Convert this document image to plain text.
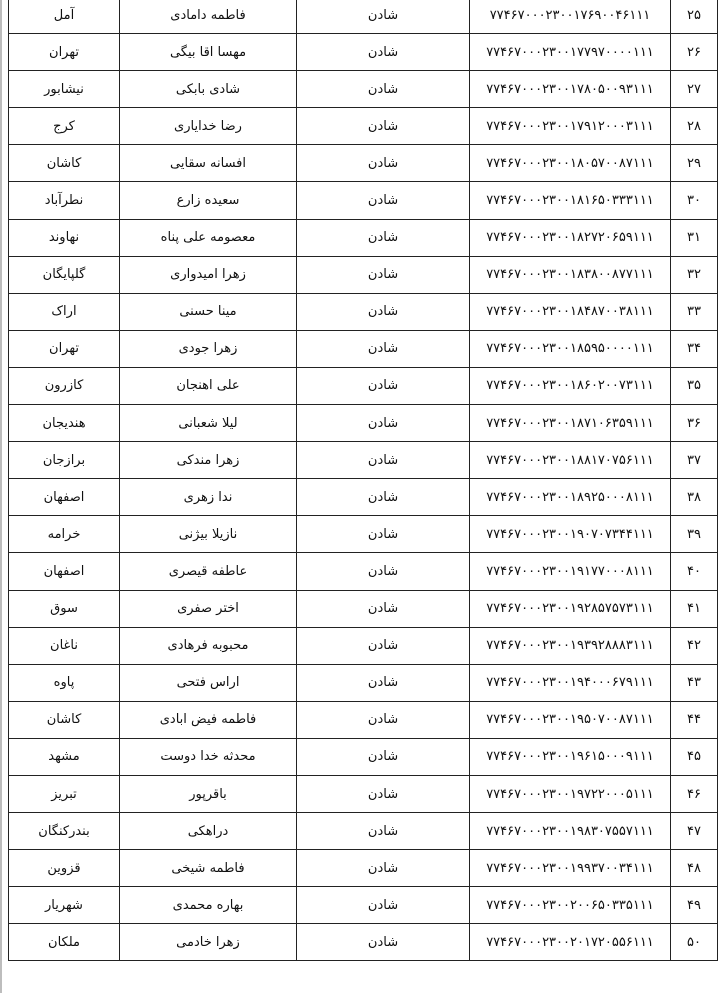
۲۵	۷۷۴۶۷۰۰۰۲۳۰۰۱۷۶۹۰۰۴۶۱۱۱	شادن	فاطمه دامادی	آمل
۲۶	۷۷۴۶۷۰۰۰۲۳۰۰۱۷۷۹۷۰۰۰۰۱۱۱	شادن	مهسا اقا بیگی	تهران
۲۷	۷۷۴۶۷۰۰۰۲۳۰۰۱۷۸۰۵۰۰۹۳۱۱۱	شادن	شادی بابکی	نیشابور
۲۸	۷۷۴۶۷۰۰۰۲۳۰۰۱۷۹۱۲۰۰۰۳۱۱۱	شادن	رضا خدایاری	کرج
۲۹	۷۷۴۶۷۰۰۰۲۳۰۰۱۸۰۵۷۰۰۸۷۱۱۱	شادن	افسانه سقایی	کاشان
۳۰	۷۷۴۶۷۰۰۰۲۳۰۰۱۸۱۶۵۰۳۳۳۱۱۱	شادن	سعیده زارع	نطرآباد
۳۱	۷۷۴۶۷۰۰۰۲۳۰۰۱۸۲۷۲۰۶۵۹۱۱۱	شادن	معصومه علی پناه	نهاوند
۳۲	۷۷۴۶۷۰۰۰۲۳۰۰۱۸۳۸۰۰۸۷۷۱۱۱	شادن	زهرا امیدواری	گلپایگان
۳۳	۷۷۴۶۷۰۰۰۲۳۰۰۱۸۴۸۷۰۰۳۸۱۱۱	شادن	مینا حسنی	اراک
۳۴	۷۷۴۶۷۰۰۰۲۳۰۰۱۸۵۹۵۰۰۰۰۱۱۱	شادن	زهرا جودی	تهران
۳۵	۷۷۴۶۷۰۰۰۲۳۰۰۱۸۶۰۲۰۰۷۳۱۱۱	شادن	علی اهنجان	کازرون
۳۶	۷۷۴۶۷۰۰۰۲۳۰۰۱۸۷۱۰۶۳۵۹۱۱۱	شادن	لیلا شعبانی	هندیجان
۳۷	۷۷۴۶۷۰۰۰۲۳۰۰۱۸۸۱۷۰۷۵۶۱۱۱	شادن	زهرا مندکی	برازجان
۳۸	۷۷۴۶۷۰۰۰۲۳۰۰۱۸۹۲۵۰۰۰۸۱۱۱	شادن	ندا زهری	اصفهان
۳۹	۷۷۴۶۷۰۰۰۲۳۰۰۱۹۰۷۰۷۳۴۴۱۱۱	شادن	نازیلا بیژنی	خرامه
۴۰	۷۷۴۶۷۰۰۰۲۳۰۰۱۹۱۷۷۰۰۰۸۱۱۱	شادن	عاطفه قیصری	اصفهان
۴۱	۷۷۴۶۷۰۰۰۲۳۰۰۱۹۲۸۵۷۵۷۳۱۱۱	شادن	اختر صفری	سوق
۴۲	۷۷۴۶۷۰۰۰۲۳۰۰۱۹۳۹۲۸۸۸۳۱۱۱	شادن	محبوبه فرهادی	ناغان
۴۳	۷۷۴۶۷۰۰۰۲۳۰۰۱۹۴۰۰۰۶۷۹۱۱۱	شادن	اراس فتحی	پاوه
۴۴	۷۷۴۶۷۰۰۰۲۳۰۰۱۹۵۰۷۰۰۸۷۱۱۱	شادن	فاطمه فیض ابادی	کاشان
۴۵	۷۷۴۶۷۰۰۰۲۳۰۰۱۹۶۱۵۰۰۰۹۱۱۱	شادن	محدثه خدا دوست	مشهد
۴۶	۷۷۴۶۷۰۰۰۲۳۰۰۱۹۷۲۲۰۰۰۵۱۱۱	شادن	باقرپور	تبریز
۴۷	۷۷۴۶۷۰۰۰۲۳۰۰۱۹۸۳۰۷۵۵۷۱۱۱	شادن	دراهکی	بندرکنگان
۴۸	۷۷۴۶۷۰۰۰۲۳۰۰۱۹۹۳۷۰۰۳۴۱۱۱	شادن	فاطمه شیخی	قزوین
۴۹	۷۷۴۶۷۰۰۰۲۳۰۰۲۰۰۶۵۰۳۳۵۱۱۱	شادن	بهاره محمدی	شهریار
۵۰	۷۷۴۶۷۰۰۰۲۳۰۰۲۰۱۷۲۰۵۵۶۱۱۱	شادن	زهرا خادمی	ملکان
